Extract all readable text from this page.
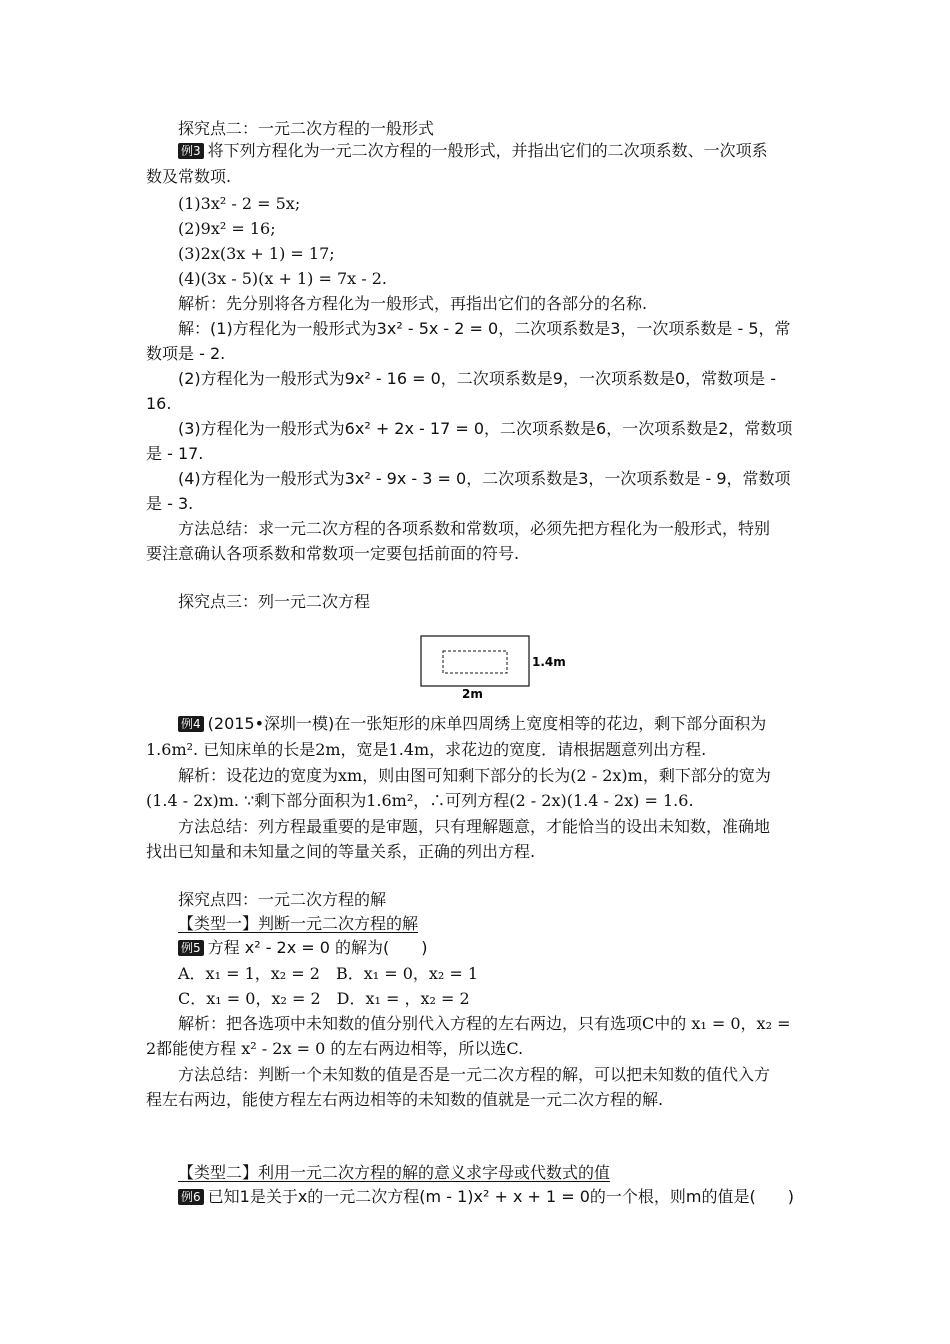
探究点二：一元二次方程的一般形式
例3 将下列方程化为一元二次方程的一般形式，并指出它们的二次项系数、一次项系
数及常数项.
(1)3x² - 2 = 5x;
(2)9x² = 16;
(3)2x(3x + 1) = 17;
(4)(3x - 5)(x + 1) = 7x - 2.
解析：先分别将各方程化为一般形式，再指出它们的各部分的名称.
解：(1)方程化为一般形式为3x² - 5x - 2 = 0，二次项系数是3，一次项系数是 - 5，常
数项是 - 2.
(2)方程化为一般形式为9x² - 16 = 0，二次项系数是9，一次项系数是0，常数项是 -
16.
(3)方程化为一般形式为6x² + 2x - 17 = 0，二次项系数是6，一次项系数是2，常数项
是 - 17.
(4)方程化为一般形式为3x² - 9x - 3 = 0，二次项系数是3，一次项系数是 - 9，常数项
是 - 3.
方法总结：求一元二次方程的各项系数和常数项，必须先把方程化为一般形式，特别
要注意确认各项系数和常数项一定要包括前面的符号.
探究点三：列一元二次方程
1.4m
2m
例4 (2015•深圳一模)在一张矩形的床单四周绣上宽度相等的花边，剩下部分面积为
1.6m². 已知床单的长是2m，宽是1.4m，求花边的宽度．请根据题意列出方程.
解析：设花边的宽度为xm，则由图可知剩下部分的长为(2 - 2x)m，剩下部分的宽为
(1.4 - 2x)m. ∵剩下部分面积为1.6m²，∴可列方程(2 - 2x)(1.4 - 2x) = 1.6.
方法总结：列方程最重要的是审题，只有理解题意，才能恰当的设出未知数，准确地
找出已知量和未知量之间的等量关系，正确的列出方程.
探究点四：一元二次方程的解
【类型一】判断一元二次方程的解
例5 方程 x² - 2x = 0 的解为(　　)
A．x₁ = 1，x₂ = 2　B．x₁ = 0，x₂ = 1
C．x₁ = 0，x₂ = 2　D．x₁ = ，x₂ = 2
解析：把各选项中未知数的值分别代入方程的左右两边，只有选项C中的 x₁ = 0，x₂ =
2都能使方程 x² - 2x = 0 的左右两边相等，所以选C.
方法总结：判断一个未知数的值是否是一元二次方程的解，可以把未知数的值代入方
程左右两边，能使方程左右两边相等的未知数的值就是一元二次方程的解.
【类型二】利用一元二次方程的解的意义求字母或代数式的值
例6 已知1是关于x的一元二次方程(m - 1)x² + x + 1 = 0的一个根，则m的值是(　　)
